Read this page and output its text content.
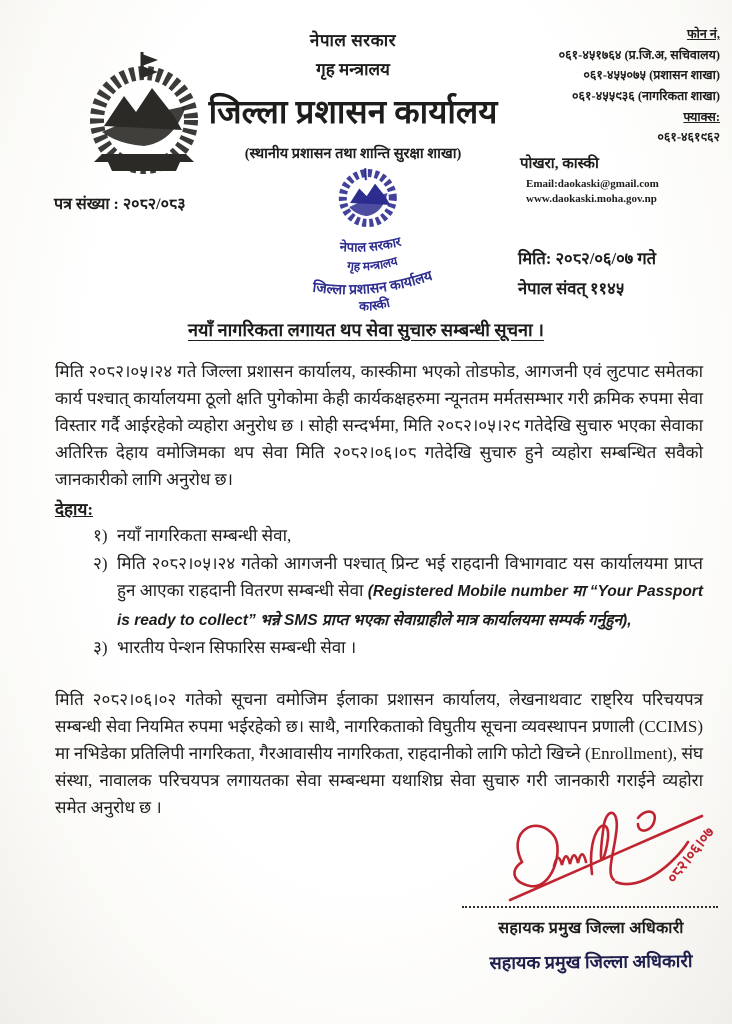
नेपाल सरकार
गृह मन्त्रालय
जिल्ला प्रशासन कार्यालय
(स्थानीय प्रशासन तथा शान्ति सुरक्षा शाखा)
फोन नं,
०६१-४५१७६४ (प्र.जि.अ, सचिवालय)
०६१-४५५०७५ (प्रशासन शाखा)
०६१-४५५९३६ (नागरिकता शाखा)
फ्याक्स:
०६१-४६१९६२
पोखरा, कास्की
Email:daokaski@gmail.com
www.daokaski.moha.gov.np
पत्र संख्या : २०८२/०८३
नेपाल सरकार
गृह मन्त्रालय
जिल्ला प्रशासन कार्यालय
कास्की
मिति: २०८२/०६/०७ गते
नेपाल संवत् ११४५
नयाँ नागरिकता लगायत थप सेवा सुचारु सम्बन्धी सूचना ।
मिति २०८२।०५।२४ गते जिल्ला प्रशासन कार्यालय, कास्कीमा भएको तोडफोड, आगजनी एवं लुटपाट समेतका कार्य पश्चात् कार्यालयमा ठूलो क्षति पुगेकोमा केही कार्यकक्षहरुमा न्यूनतम मर्मतसम्भार गरी क्रमिक रुपमा सेवा विस्तार गर्दै आईरहेको व्यहोरा अनुरोध छ । सोही सन्दर्भमा, मिति २०८२।०५।२९ गतेदेखि सुचारु भएका सेवाका अतिरिक्त देहाय वमोजिमका थप सेवा मिति २०८२।०६।०८ गतेदेखि सुचारु हुने व्यहोरा सम्बन्धित सवैको जानकारीको लागि अनुरोध छ।
देहाय:
१) नयाँ नागरिकता सम्बन्धी सेवा,
२) मिति २०८२।०५।२४ गतेको आगजनी पश्चात् प्रिन्ट भई राहदानी विभागवाट यस कार्यालयमा प्राप्त हुन आएका राहदानी वितरण सम्बन्धी सेवा (Registered Mobile number मा “Your Passport is ready to collect” भन्ने SMS प्राप्त भएका सेवाग्राहीले मात्र कार्यालयमा सम्पर्क गर्नुहुन),
३) भारतीय पेन्शन सिफारिस सम्बन्धी सेवा ।
मिति २०८२।०६।०२ गतेको सूचना वमोजिम ईलाका प्रशासन कार्यालय, लेखनाथवाट राष्ट्रिय परिचयपत्र सम्बन्धी सेवा नियमित रुपमा भईरहेको छ। साथै, नागरिकताको विघुतीय सूचना व्यवस्थापन प्रणाली (CCIMS) मा नभिडेका प्रतिलिपी नागरिकता, गैरआवासीय नागरिकता, राहदानीको लागि फोटो खिच्ने (Enrollment), संघ संस्था, नावालक परिचयपत्र लगायतका सेवा सम्बन्धमा यथाशिघ्र सेवा सुचारु गरी जानकारी गराईने व्यहोरा समेत अनुरोध छ ।
०८२।०६।०७
सहायक प्रमुख जिल्ला अधिकारी
सहायक प्रमुख जिल्ला अधिकारी
